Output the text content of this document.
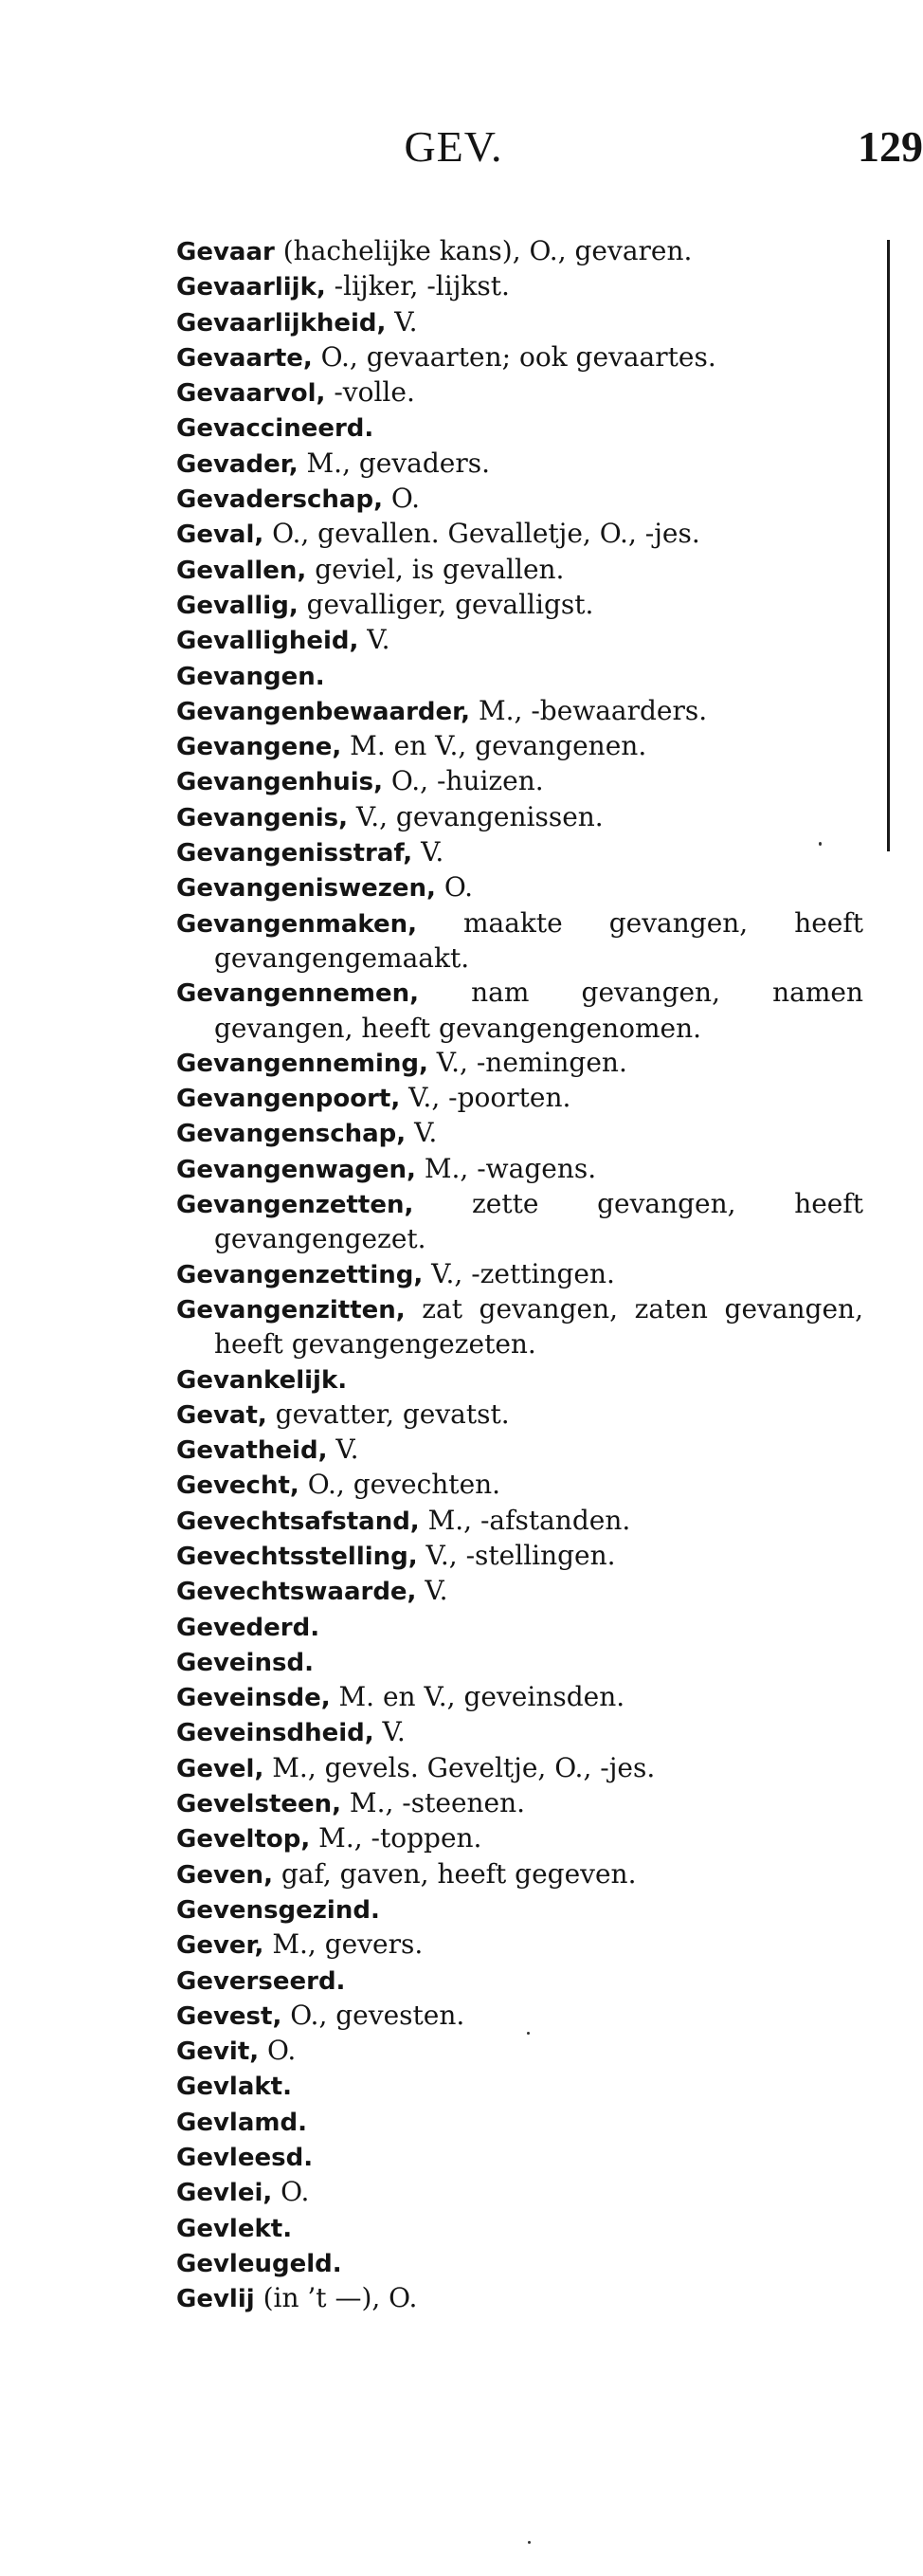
GEV.	129

Gevaar (hachelijke kans), O., gevaren.

Gevaarlijk, -lijker, -lijkst.

Gevaarlijkheid, V.

Gevaarte, O., gevaarten; ook gevaartes.

Gevaarvol, -volle.

Gevaccineerd.

Gevader, M., gevaders.

Gevaderschap, O.

Geval, O., gevallen. Gevalletje, O., -jes.

Gevallen, geviel, is gevallen.

Gevallig, gevalliger, gevalligst.

Gevalligheid, V.

Gevangen.

Gevangenbewaarder, M., -bewaarders.

Gevangene, M. en V., gevangenen.

Gevangenhuis, O., -huizen.

Gevangenis, V., gevangenissen.

Gevangenisstraf, V.

Gevangeniswezen, O.

Gevangenmaken, maakte gevangen, heeft gevangengemaakt.

Gevangennemen, nam gevangen, namen gevangen, heeft gevangengenomen.

Gevangenneming, V., -nemingen.

Gevangenpoort, V., -poorten.

Gevangenschap, V.

Gevangenwagen, M., -wagens.

Gevangenzetten, zette gevangen, heeft gevangengezet.

Gevangenzetting, V., -zettingen.

Gevangenzitten, zat gevangen, zaten gevangen, heeft gevangengezeten.

Gevankelijk.

Gevat, gevatter, gevatst.

Gevatheid, V.

Gevecht, O., gevechten.

Gevechtsafstand, M., -afstanden.

Gevechtsstelling, V., -stellingen.

Gevechtswaarde, V.

Gevederd.

Geveinsd.

Geveinsde, M. en V., geveinsden.

Geveinsdheid, V.

Gevel, M., gevels. Geveltje, O., -jes.

Gevelsteen, M., -steenen.

Geveltop, M., -toppen.

Geven, gaf, gaven, heeft gegeven.

Gevensgezind.

Gever, M., gevers.

Geverseerd.

Gevest, O., gevesten.

Gevit, O.

Gevlakt.

Gevlamd.

Gevleesd.

Gevlei, O.

Gevlekt.

Gevleugeld.

Gevlij (in ’t —), O.
